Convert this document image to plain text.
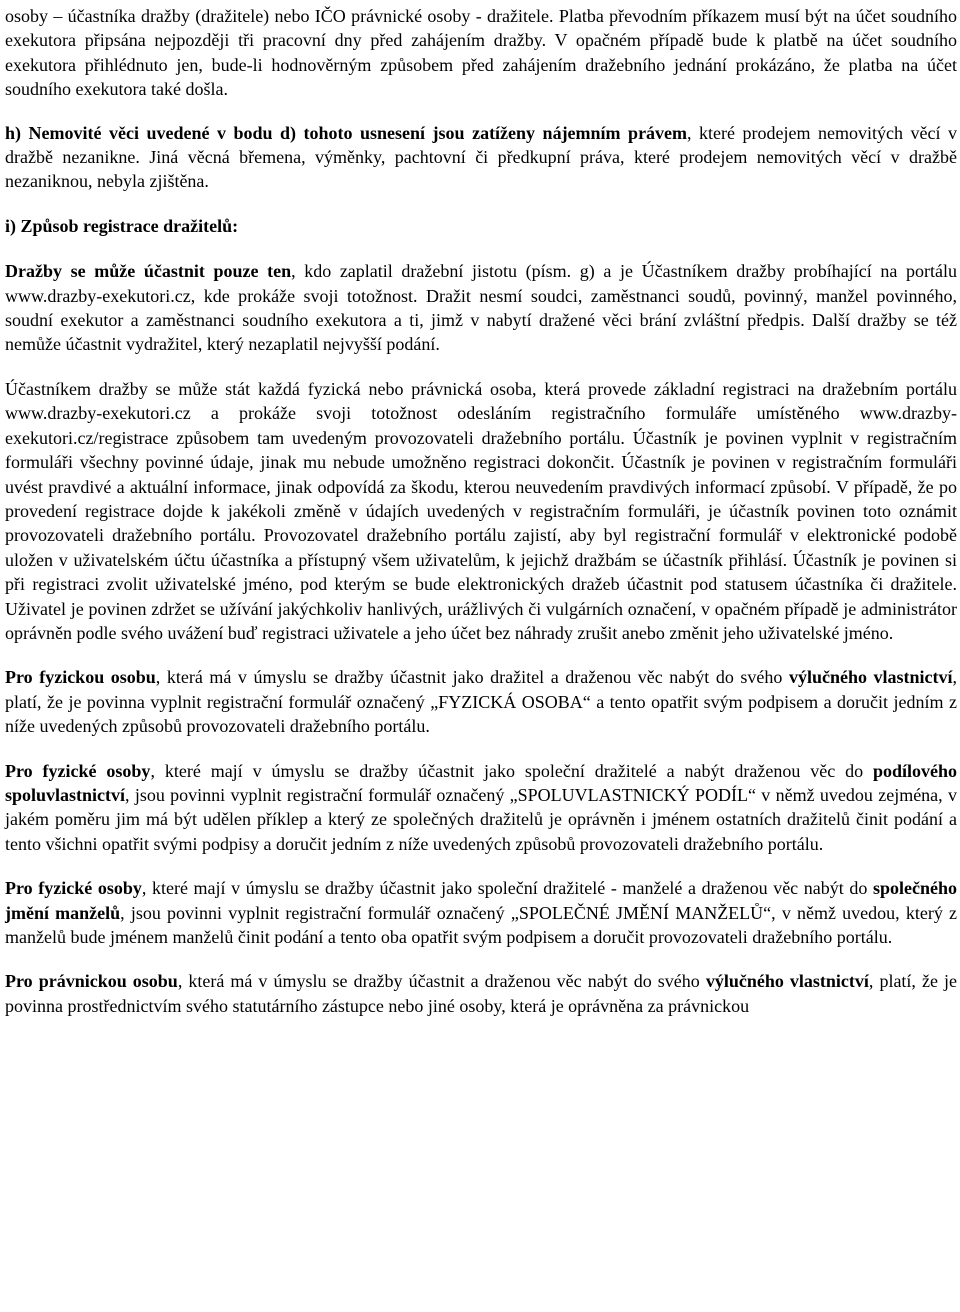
osoby – účastníka dražby (dražitele) nebo IČO právnické osoby - dražitele. Platba převodním příkazem musí být na účet soudního exekutora připsána nejpozději tři pracovní dny před zahájením dražby. V opačném případě bude k platbě na účet soudního exekutora přihlédnuto jen, bude-li hodnověrným způsobem před zahájením dražebního jednání prokázáno, že platba na účet soudního exekutora také došla.

h) Nemovité věci uvedené v bodu d) tohoto usnesení jsou zatíženy nájemním právem, které prodejem nemovitých věcí v dražbě nezanikne. Jiná věcná břemena, výměnky, pachtovní či předkupní práva, které prodejem nemovitých věcí v dražbě nezaniknou, nebyla zjištěna.

i) Způsob registrace dražitelů:

Dražby se může účastnit pouze ten, kdo zaplatil dražební jistotu (písm. g) a je Účastníkem dražby probíhající na portálu www.drazby-exekutori.cz, kde prokáže svoji totožnost. Dražit nesmí soudci, zaměstnanci soudů, povinný, manžel povinného, soudní exekutor a zaměstnanci soudního exekutora a ti, jimž v nabytí dražené věci brání zvláštní předpis. Další dražby se též nemůže účastnit vydražitel, který nezaplatil nejvyšší podání.

Účastníkem dražby se může stát každá fyzická nebo právnická osoba, která provede základní registraci na dražebním portálu www.drazby-exekutori.cz a prokáže svoji totožnost odesláním registračního formuláře umístěného www.drazby-exekutori.cz/registrace způsobem tam uvedeným provozovateli dražebního portálu. Účastník je povinen vyplnit v registračním formuláři všechny povinné údaje, jinak mu nebude umožněno registraci dokončit. Účastník je povinen v registračním formuláři uvést pravdivé a aktuální informace, jinak odpovídá za škodu, kterou neuvedením pravdivých informací způsobí. V případě, že po provedení registrace dojde k jakékoli změně v údajích uvedených v registračním formuláři, je účastník povinen toto oznámit provozovateli dražebního portálu. Provozovatel dražebního portálu zajistí, aby byl registrační formulář v elektronické podobě uložen v uživatelském účtu účastníka a přístupný všem uživatelům, k jejichž dražbám se účastník přihlásí. Účastník je povinen si při registraci zvolit uživatelské jméno, pod kterým se bude elektronických dražeb účastnit pod statusem účastníka či dražitele. Uživatel je povinen zdržet se užívání jakýchkoliv hanlivých, urážlivých či vulgárních označení, v opačném případě je administrátor oprávněn podle svého uvážení buď registraci uživatele a jeho účet bez náhrady zrušit anebo změnit jeho uživatelské jméno.

Pro fyzickou osobu, která má v úmyslu se dražby účastnit jako dražitel a draženou věc nabýt do svého výlučného vlastnictví, platí, že je povinna vyplnit registrační formulář označený „FYZICKÁ OSOBA“ a tento opatřit svým podpisem a doručit jedním z níže uvedených způsobů provozovateli dražebního portálu.

Pro fyzické osoby, které mají v úmyslu se dražby účastnit jako společní dražitelé a nabýt draženou věc do podílového spoluvlastnictví, jsou povinni vyplnit registrační formulář označený „SPOLUVLASTNICKÝ PODÍL“ v němž uvedou zejména, v jakém poměru jim má být udělen příklep a který ze společných dražitelů je oprávněn i jménem ostatních dražitelů činit podání a tento všichni opatřit svými podpisy a doručit jedním z níže uvedených způsobů provozovateli dražebního portálu.

Pro fyzické osoby, které mají v úmyslu se dražby účastnit jako společní dražitelé - manželé a draženou věc nabýt do společného jmění manželů, jsou povinni vyplnit registrační formulář označený „SPOLEČNÉ JMĚNÍ MANŽELŮ“, v němž uvedou, který z manželů bude jménem manželů činit podání a tento oba opatřit svým podpisem a doručit provozovateli dražebního portálu.

Pro právnickou osobu, která má v úmyslu se dražby účastnit a draženou věc nabýt do svého výlučného vlastnictví, platí, že je povinna prostřednictvím svého statutárního zástupce nebo jiné osoby, která je oprávněna za právnickou
